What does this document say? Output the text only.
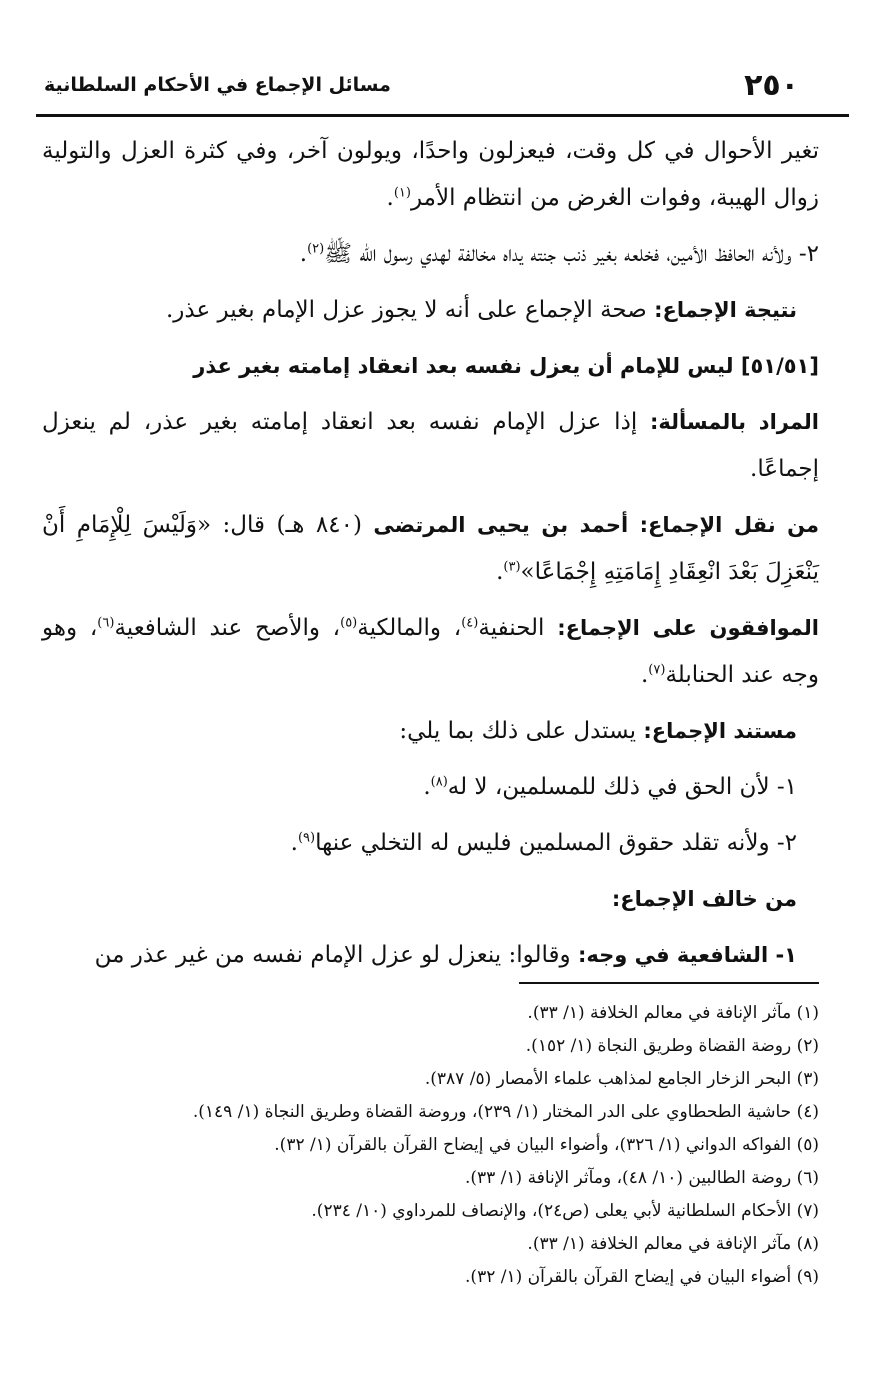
٢٥٠
مسائل الإجماع في الأحكام السلطانية

تغير الأحوال في كل وقت، فيعزلون واحدًا، ويولون آخر، وفي كثرة العزل والتولية زوال الهيبة، وفوات الغرض من انتظام الأمر$^{(١)}$.

٢- ولأنه الحافظ الأمين، فخلعه بغير ذنب جنته يداه مخالفة لهدي رسول الله ﷺ$^{(٢)}$.

نتيجة الإجماع: صحة الإجماع على أنه لا يجوز عزل الإمام بغير عذر.

[٥١/٥١] ليس للإمام أن يعزل نفسه بعد انعقاد إمامته بغير عذر

المراد بالمسألة: إذا عزل الإمام نفسه بعد انعقاد إمامته بغير عذر، لم ينعزل إجماعًا.

من نقل الإجماع: أحمد بن يحيى المرتضى (٨٤٠ هـ) قال: «وَلَيْسَ لِلْإِمَامِ أَنْ يَنْعَزِلَ بَعْدَ انْعِقَادِ إِمَامَتِهِ إِجْمَاعًا»$^{(٣)}$.

الموافقون على الإجماع: الحنفية$^{(٤)}$، والمالكية$^{(٥)}$، والأصح عند الشافعية$^{(٦)}$، وهو وجه عند الحنابلة$^{(٧)}$.

مستند الإجماع: يستدل على ذلك بما يلي:

١- لأن الحق في ذلك للمسلمين، لا له$^{(٨)}$.

٢- ولأنه تقلد حقوق المسلمين فليس له التخلي عنها$^{(٩)}$.

من خالف الإجماع:

١- الشافعية في وجه: وقالوا: ينعزل لو عزل الإمام نفسه من غير عذر من

(١) مآثر الإنافة في معالم الخلافة (١/ ٣٣).
(٢) روضة القضاة وطريق النجاة (١/ ١٥٢).
(٣) البحر الزخار الجامع لمذاهب علماء الأمصار (٥/ ٣٨٧).
(٤) حاشية الطحطاوي على الدر المختار (١/ ٢٣٩)، وروضة القضاة وطريق النجاة (١/ ١٤٩).
(٥) الفواكه الدواني (١/ ٣٢٦)، وأضواء البيان في إيضاح القرآن بالقرآن (١/ ٣٢).
(٦) روضة الطالبين (١٠/ ٤٨)، ومآثر الإنافة (١/ ٣٣).
(٧) الأحكام السلطانية لأبي يعلى (ص٢٤)، والإنصاف للمرداوي (١٠/ ٢٣٤).
(٨) مآثر الإنافة في معالم الخلافة (١/ ٣٣).
(٩) أضواء البيان في إيضاح القرآن بالقرآن (١/ ٣٢).
